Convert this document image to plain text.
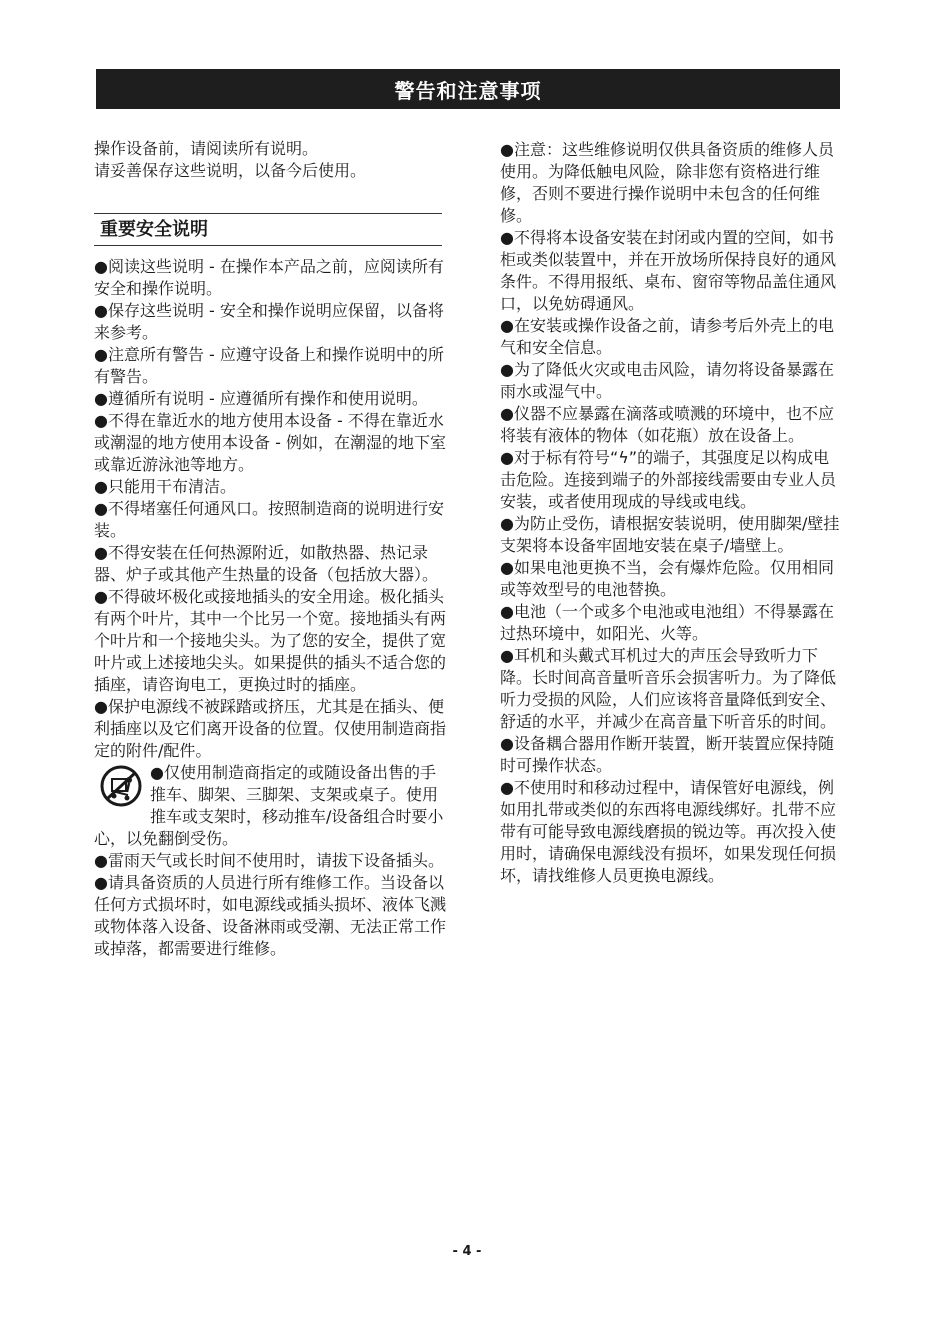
警告和注意事项

操作设备前，请阅读所有说明。

请妥善保存这些说明，以备今后使用。

重要安全说明

●阅读这些说明 - 在操作本产品之前，应阅读所有安全和操作说明。

●保存这些说明 - 安全和操作说明应保留，以备将来参考。

●注意所有警告 - 应遵守设备上和操作说明中的所有警告。

●遵循所有说明 - 应遵循所有操作和使用说明。

●不得在靠近水的地方使用本设备 - 不得在靠近水或潮湿的地方使用本设备 - 例如，在潮湿的地下室或靠近游泳池等地方。

●只能用干布清洁。

●不得堵塞任何通风口。按照制造商的说明进行安装。

●不得安装在任何热源附近，如散热器、热记录器、炉子或其他产生热量的设备（包括放大器）。

●不得破坏极化或接地插头的安全用途。极化插头有两个叶片，其中一个比另一个宽。接地插头有两个叶片和一个接地尖头。为了您的安全，提供了宽叶片或上述接地尖头。如果提供的插头不适合您的插座，请咨询电工，更换过时的插座。

●保护电源线不被踩踏或挤压，尤其是在插头、便利插座以及它们离开设备的位置。仅使用制造商指定的附件/配件。

●仅使用制造商指定的或随设备出售的手推车、脚架、三脚架、支架或桌子。使用推车或支架时，移动推车/设备组合时要小心，以免翻倒受伤。

●雷雨天气或长时间不使用时，请拔下设备插头。

●请具备资质的人员进行所有维修工作。当设备以任何方式损坏时，如电源线或插头损坏、液体飞溅或物体落入设备、设备淋雨或受潮、无法正常工作或掉落，都需要进行维修。

●注意：这些维修说明仅供具备资质的维修人员使用。为降低触电风险，除非您有资格进行维修，否则不要进行操作说明中未包含的任何维修。

●不得将本设备安装在封闭或内置的空间，如书柜或类似装置中，并在开放场所保持良好的通风条件。不得用报纸、桌布、窗帘等物品盖住通风口，以免妨碍通风。

●在安装或操作设备之前，请参考后外壳上的电气和安全信息。

●为了降低火灾或电击风险，请勿将设备暴露在雨水或湿气中。

●仪器不应暴露在滴落或喷溅的环境中，也不应将装有液体的物体（如花瓶）放在设备上。

●对于标有符号“ϟ”的端子，其强度足以构成电击危险。连接到端子的外部接线需要由专业人员安装，或者使用现成的导线或电线。

●为防止受伤，请根据安装说明，使用脚架/壁挂支架将本设备牢固地安装在桌子/墙壁上。

●如果电池更换不当，会有爆炸危险。仅用相同或等效型号的电池替换。

●电池（一个或多个电池或电池组）不得暴露在过热环境中，如阳光、火等。

●耳机和头戴式耳机过大的声压会导致听力下降。长时间高音量听音乐会损害听力。为了降低听力受损的风险，人们应该将音量降低到安全、舒适的水平，并减少在高音量下听音乐的时间。

●设备耦合器用作断开装置，断开装置应保持随时可操作状态。

●不使用时和移动过程中，请保管好电源线，例如用扎带或类似的东西将电源线绑好。扎带不应带有可能导致电源线磨损的锐边等。再次投入使用时，请确保电源线没有损坏，如果发现任何损坏，请找维修人员更换电源线。

- 4 -
